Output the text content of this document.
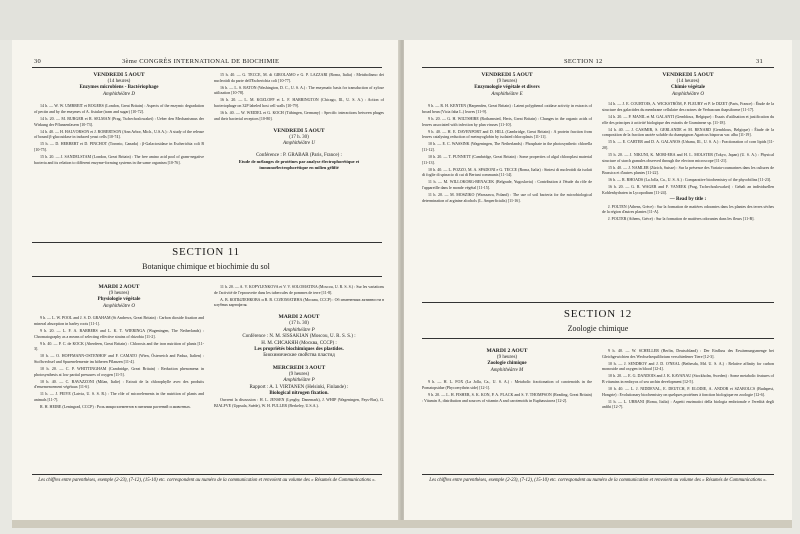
30	3ème CONGRÈS INTERNATIONAL DE BIOCHIMIE
VENDREDI 5 AOUT
(14 heures)
Enzymes microbiens - Bactériophage
Amphithéâtre D

14 h. — W. W. UMBREIT et ROGERS (London, Great Britain) : Aspects of the enzymic degradation of pectin and by the enzymes of A. fistulae (tram and sugar) [10-72].

14 h. 20. — M. BURGER et R. SELMAN (Prag, Tschechoslowakei) : Ueber den Mechanismus der Wirkung der Pflanzenfasern [10-73].

14 h. 40. — H. HALVORSON et J. ROBERTSON (Ann Arbor, Mich., U.S.A.) : A study of the release of bound β-glucosidase in induced yeast cells [10-74].

15 h. — D. HERBERT et D. PINCHOT (Toronto, Canada) : β-Galactosidase in Escherichia coli B [10-75].

15 h. 20. — J. SANDELSTAM (London, Great Britain) : The free amino acid pool of gram-negative bacteria and its relation to different enzyme-forming systems in the same organism [10-76].

15 h. 40. — G. TECCE, M. di GIROLAMO e G. P. LAZZARI (Roma, Italia) : Metabolismo dei nucleotidi da parte dell'Escherichia coli [10-77].

16 h. — L. S. RATON (Washington, D. C., U. S. A.) : The enzymatic basis for transduction of xylose utilization [10-78].

16 h. 20. — L. M. KOZLOFF et L. F. HARRINGTON (Chicago, Ill., U. S. A.) : Action of bacteriophage on 32P labeled host cell walls [10-79].

16 h. 40. — W. WEIDEL et G. KOCH (Tübingen, Germany) : Specific interactions between phages and their bacterial receptors [10-80].

VENDREDI 5 AOUT
(17 h. 30)
Amphithéâtre U
Conférence : P. GRABAR (Paris, France) :
Etude de mélanges de protéines par analyse électrophorétique et immunoélectrophorétique en milieu gélifié
SECTION 11
Botanique chimique et biochimie du sol
MARDI 2 AOUT
(9 heures)
Physiologie végétale
Amphithéâtre O

9 h. — L. W. POOL and J. S. D. GRAHAM (St Andrews, Great Britain) : Carbon dioxide fixation and mineral absorption in barley roots [11-1].

9 h. 20. — L. F. A. BARBERS and L. K. T. WIERINGA (Wageningen, The Netherlands) : Chromatography as a means of selecting effective strains of rhizobia [11-2].

9 h. 40. — P. C. de KOCK (Aberdeen, Great Britain) : Chlorosis and the iron nutrition of plants [11-3].

10 h. — O. HOFFMANN-OSTENHOF and F. CAMATO (Wien, Österreich and Padua, Italien) : Stoffwechsel und Spurenelemente im höheren Pflanzen [11-4].

10 h. 20. — C. P. WHITTINGHAM (Cambridge, Great Britain) : Reduction phenomena in photosynthesis at low partial pressures of oxygen [11-5].

10 h. 40. — C. BAVAZZONI (Milan, Italie) : Extrait de la chlorophylle avec des produits d'ensemencement végétaux [11-6].

11 h. — J. PEIVE (Latvia, U. S. S. R.) : The rôle of microelements in the nutrition of plants and animals [11-7].

R. H. HEIBE (Leningrad, CCCP) : Роль микроэлементов в питании растений и животных.

11 h. 20. — A. V. KOPYLENKOVA et V. V. SOLOMATINA (Moscou, U. R. S. S.) : Sur les variations de l'activité de l'eprouvette dans les tubercules de pommes de terre [11-8].

A. B. КОПЫЛЕНКОВА и В. В. СОЛОМАТИНА (Москва, СССР) : Об изменениях активности в клубнях картофеля.

MARDI 2 AOUT
(17 h. 30)
Amphithéâtre P
Conférence : N. M. SISSAKIAN (Moscou, U. R. S. S.) :
Н. М. СИСАКЯН (Москва, СССР) :
Les propriétés biochimiques des plastides.
Биохимические свойства пластид
MERCREDI 3 AOUT
(9 heures)
Amphithéâtre P
Rapport : A. I. VIRTANEN (Helsinki, Finlande) :
Biological nitrogen fixation.

Ouvrent la discussion : H. L. JENSEN (Lyngby, Danemark), J. WHIP (Wageningen, Pays-Bas), G. BJALFVE (Uppsala, Suède), W. H. FULLER (Berkeley, U.S.A.).

Les chiffres entre parenthèses, exemple (2-23), (7-12), (15-10) etc. correspondent au numéro de la communication et renvoient au volume des « Résumés de Communications ».
SECTION 12	31
VENDREDI 5 AOUT
(9 heures)
Enzymologie végétale et divers
Amphithéâtre E

9 h. — R. H. KENTEN (Harpenden, Great Britain) : Latent polyphenol oxidase activity in extracts of broad bean (Vicia faba L.) leaves [11-9].

9 h. 20. — G. H. WILTSHIRE (Rothamsted, Herts, Great Britain) : Changes in the organic acids of leaves associated with infection by plan viruses [11-10].

9 h. 40. — H. E. DAVENPORT and D. HILL (Cambridge, Great Britain) : A protein fraction from leaves catalysing reduction of metmyoglobin by isolated chloroplasts [11-11].

10 h. — E. C. WASSINK (Wageningen, The Netherlands) : Phosphate in the photosynthetic chlorella [11-12].

10 h. 20. — T. PUNNETT (Cambridge, Great Britain) : Some properties of algal chloroplast material [11-13].

10 h. 40. — L. POZZO, M. A. SPADONI e G. TECCE (Roma, Italia) : Sintesi di nucleotidi da isolati di foglie di spinacio di cui di Bertani communis [11-14].

11 h. — M. WILLOKORG-BENACEK (Belgrade, Yugoslavia) : Contribution à l'étude du rôle de l'appareille dans le monde végétal [11-15].

11 h. 20. — M. MOSZIKO (Warszawa, Poland) : The use of soil bacteria for the microbiological determination of arginine alcohols (L. Amperficialis) [11-16].

VENDREDI 5 AOUT
(14 heures)
Chimie végétale
Amphithéâtre O

14 h. — J. E. COURTOIS, A. WICKSTRÖM, P. FLEURY et P. le DIZET (Paris, France) : Étude de la structure des galactides du membrane cellulaire des racines de Verbascum thapsiforme [11-17].

14 h. 20. — P. MANIL et M. GALANTI (Gembloux, Belgique) : Essais d'utilisation et justification du rôle des principes à activité biologique des extraits de Gramineae sp. [11-18].

14 h. 40. — J. CASIMIR, S. GERLANDE et M. RENARD (Gembloux, Belgique) : Étude de la composition de la fraction azotée soluble du champignon Agaricus bisporus var. alba [11-19].

15 h. — E. CARTER and D. A. GALANOS (Urbana, Ill., U. S. A.) : Fractionation of corn lipids [11-20].

15 h. 20. — J. NIKUNI, K. MORI-ERA and H. L. MOLSTER (Tokyo, Japan) (U. S. A.) : Physical structure of starch granules observed through the electron microscope [11-21].

15 h. 40. — J. NAMLER (Zürich, Suisse) : Sur la présence des Variaia-coumarines dans les cultures de Brassica et d'autres plantes [11-22].

16 h. — R. RHOADS (La Jolla, Ca., U. S. A.) : Comparative biochemistry of the phycobilins [11-23].

16 h. 20. — G. R. WAGER and F. VANEEK (Prag, Tschechoslowakei) : Gehalt an individuellen Kohlenhydraten in Lycopodium [11-24].

— Read by title :

J. POLTEN (Athens, Grèce) : Sur la formation de matières odorantes dans les plantes des terres sèches de la région d'autres plantes [11-A].

J. POLTER (Athens, Grèce) : Sur la formation de matières odorantes dans les fleurs [11-B].

SECTION 12
Zoologie chimique
MARDI 2 AOUT
(9 heures)
Zoologie chimique
Amphithéâtre M

9 h. — H. L. FOX (La Jolla, Ca., U. S. A.) : Metabolic fractionation of carotenoids in the Pomatopsidae (Phycoerythrin side) [12-1].

9 h. 20. — L. H. FISHER, S. K. KON, P. A. PLACK and S. Y. THOMPSON (Reading, Great Britain) : Vitamin A, distribution and sources of vitamin A and carotenoids in Euphausiacea [12-2].

9 h. 40. — W. SCHELLER (Berlin, Deutschland) : Der Einfluss des Erwärmungsmenge bei Gleichgewichten des Wechselsequilibrium verschiedener Tiere [12-3].

10 h. — J. SENDROY and J. D. O'NEAL (Bethesda, Md. U. S. A.) : Relative affinity for carbon monoxide and oxygen in blood [12-4].

10 h. 20. — E. G. DANDOIS and J. K. KAVANAU (Stockholm, Sweden) : Some metabolic features of B vitamins in embryos of sea urchin development [12-5].

10 h. 40. — L. J. NIDDEVAL, E. DEUTCH, P. ELODIE, A. ANDOR et SZABOLCS (Budapest, Hongrie) : Evolutionary biochemistry on quelques protéines à fonction biologique en zoologie [12-6].

11 h. — L. URBANI (Roma, Italia) : Aspetti enzimatici della biologia embrionale e l'eredità degli anfibi [12-7].

Les chiffres entre parenthèses, exemple (2-23), (7-12), (15-10) etc. correspondent au numéro de la communication et renvoient au volume des « Résumés de Communications ».
